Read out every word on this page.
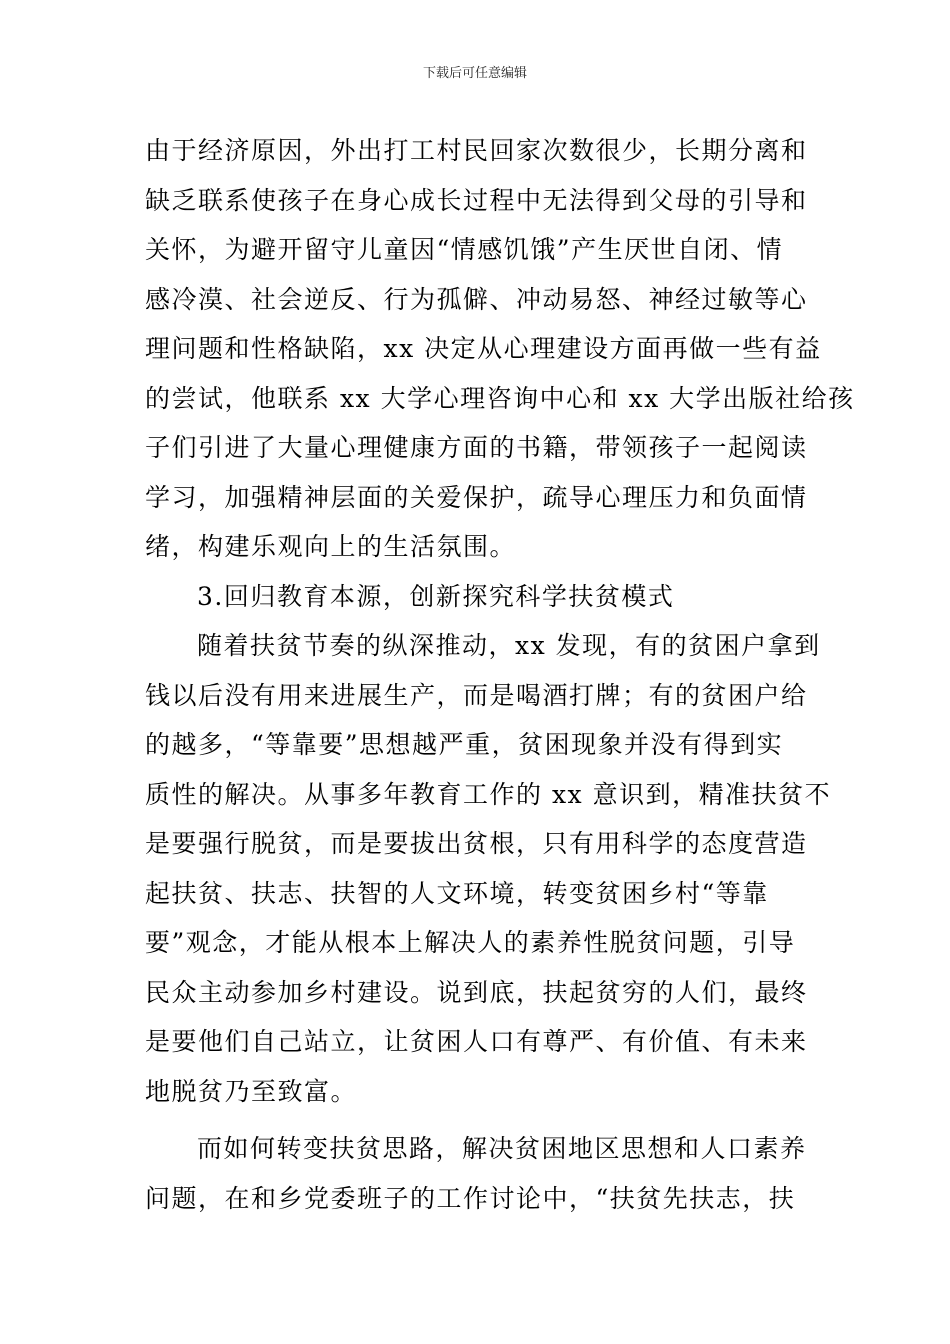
下载后可任意编辑
由于经济原因，外出打工村民回家次数很少，长期分离和
缺乏联系使孩子在身心成长过程中无法得到父母的引导和
关怀，为避开留守儿童因“情感饥饿”产生厌世自闭、情
感冷漠、社会逆反、行为孤僻、冲动易怒、神经过敏等心
理问题和性格缺陷，xx 决定从心理建设方面再做一些有益
的尝试，他联系 xx 大学心理咨询中心和 xx 大学出版社给孩
子们引进了大量心理健康方面的书籍，带领孩子一起阅读
学习，加强精神层面的关爱保护，疏导心理压力和负面情
绪，构建乐观向上的生活氛围。
3.回归教育本源，创新探究科学扶贫模式
随着扶贫节奏的纵深推动，xx 发现，有的贫困户拿到
钱以后没有用来进展生产，而是喝酒打牌；有的贫困户给
的越多，“等靠要”思想越严重，贫困现象并没有得到实
质性的解决。从事多年教育工作的 xx 意识到，精准扶贫不
是要强行脱贫，而是要拔出贫根，只有用科学的态度营造
起扶贫、扶志、扶智的人文环境，转变贫困乡村“等靠
要”观念，才能从根本上解决人的素养性脱贫问题，引导
民众主动参加乡村建设。说到底，扶起贫穷的人们，最终
是要他们自己站立，让贫困人口有尊严、有价值、有未来
地脱贫乃至致富。
而如何转变扶贫思路，解决贫困地区思想和人口素养
问题，在和乡党委班子的工作讨论中，“扶贫先扶志，扶
